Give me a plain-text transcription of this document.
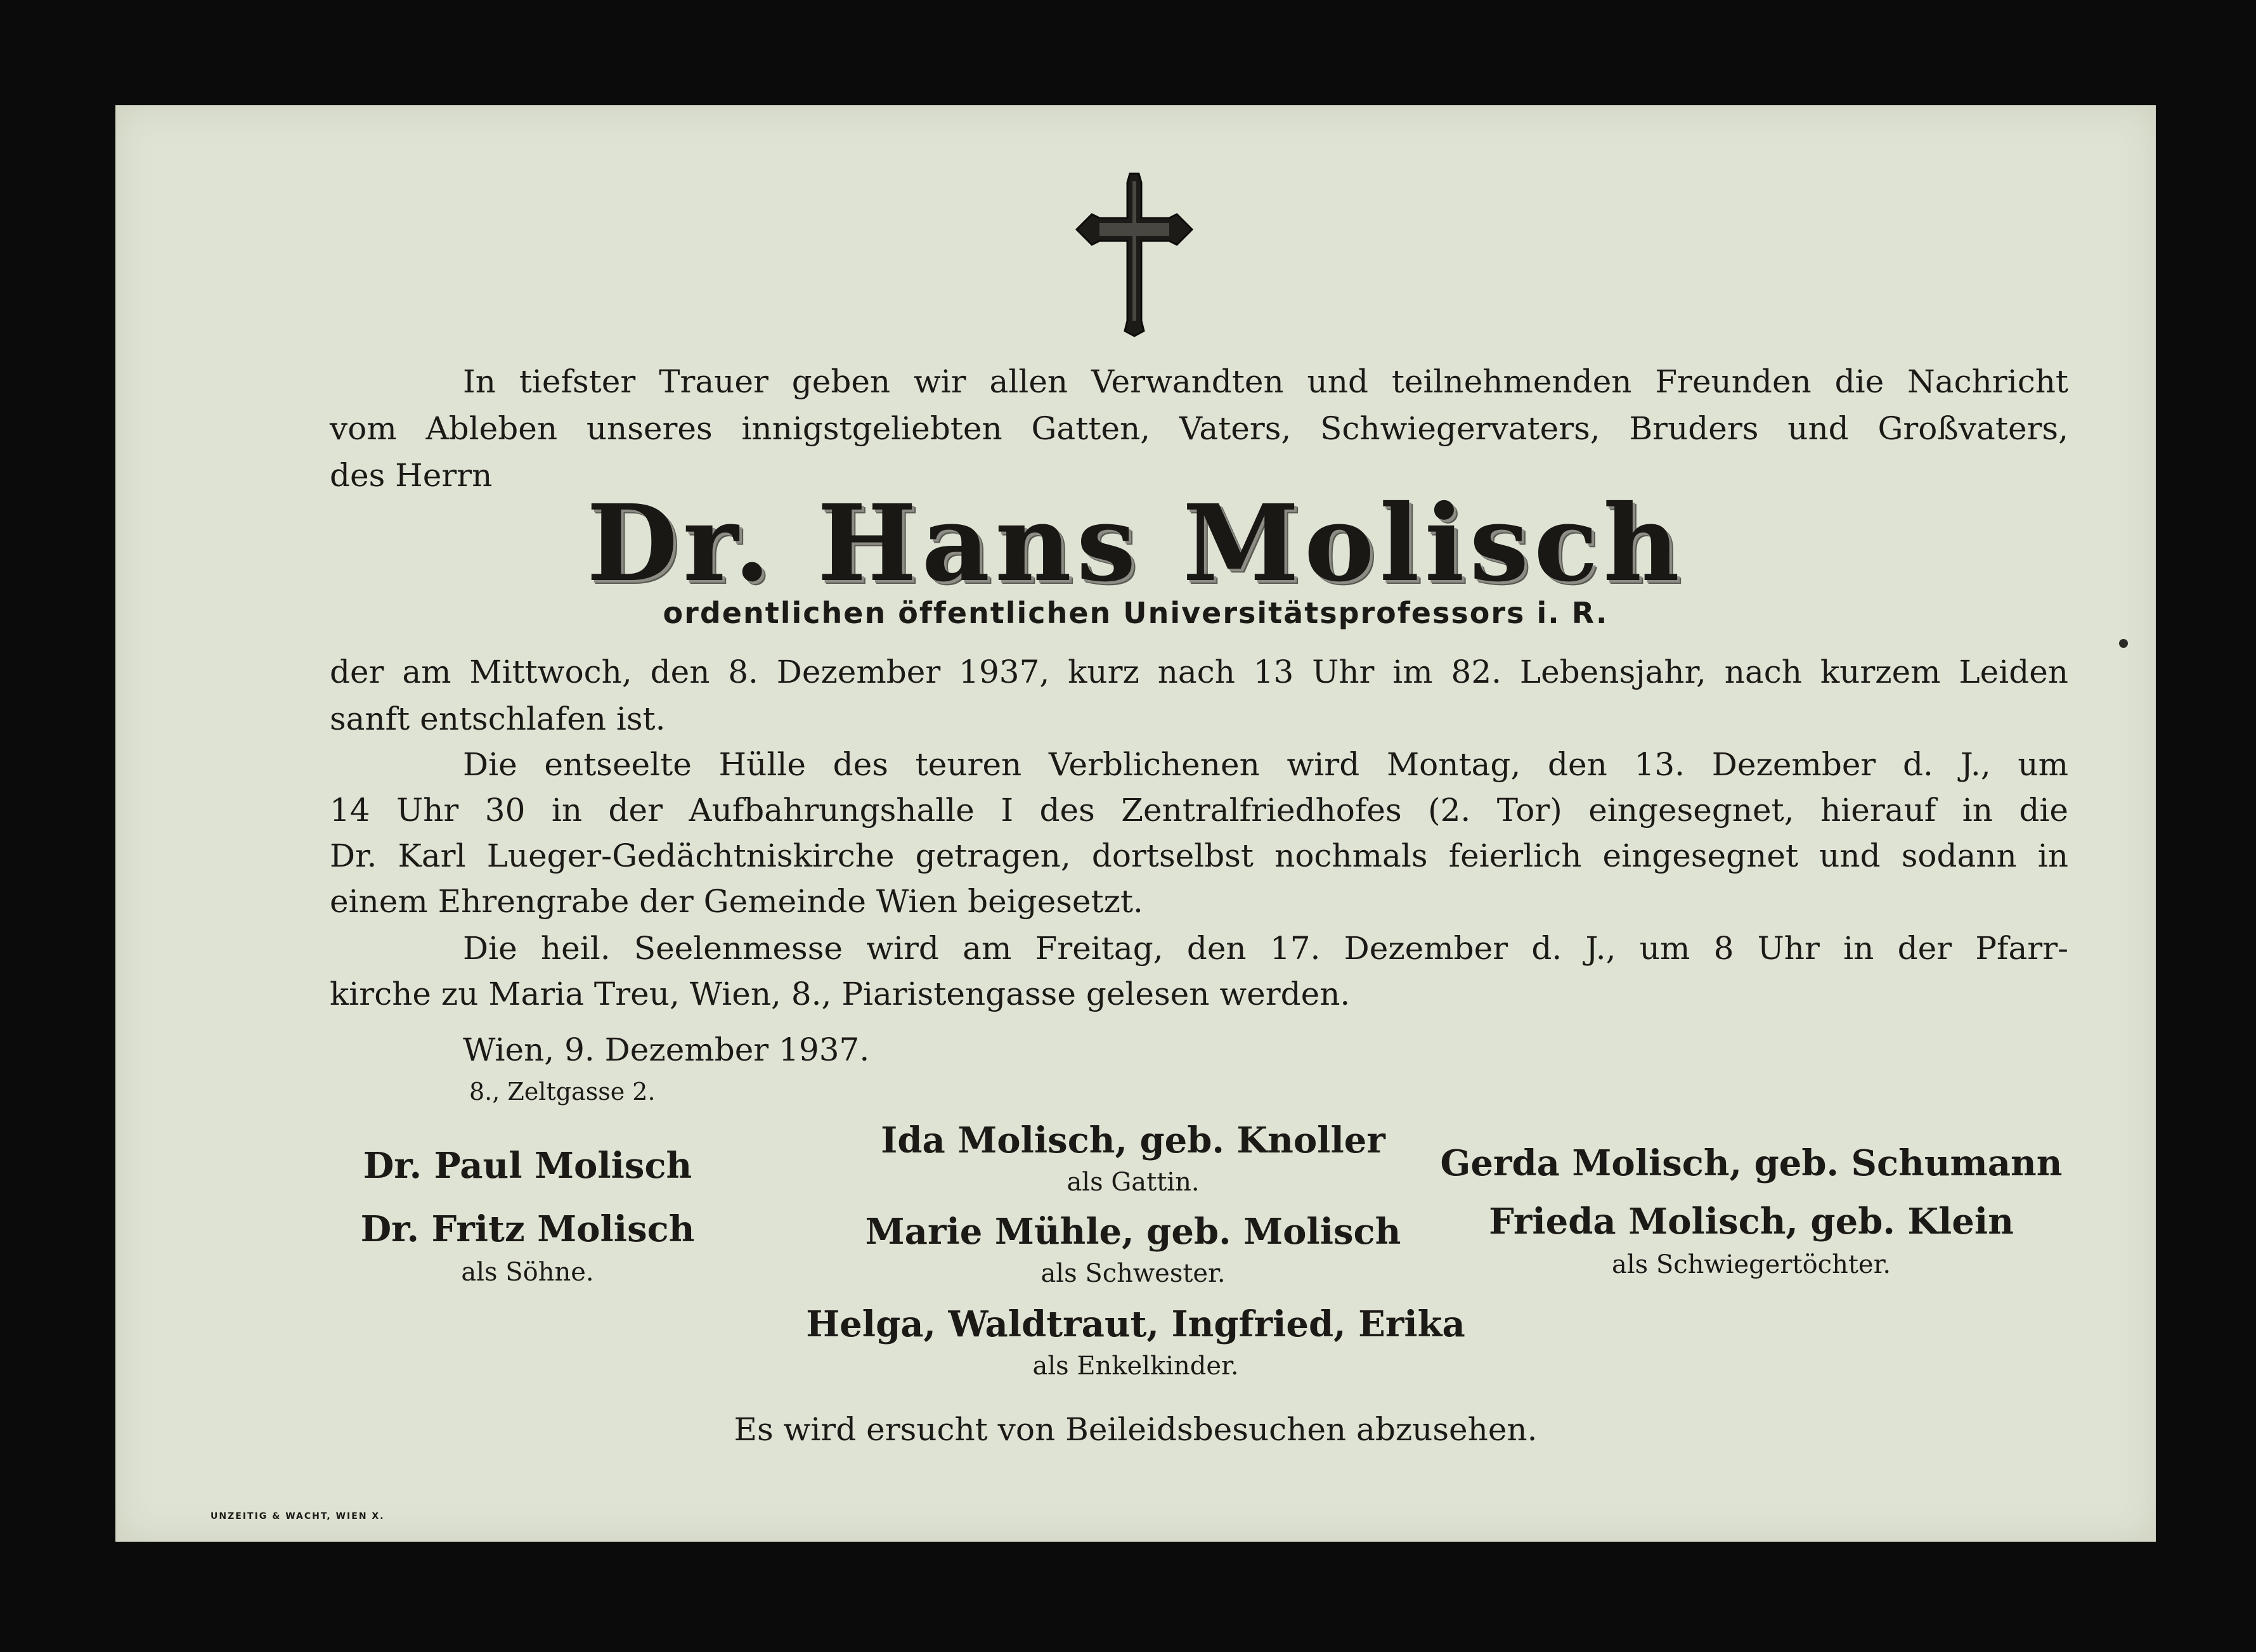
In tiefster Trauer geben wir allen Verwandten und teilnehmenden Freunden die Nachricht
vom Ableben unseres innigstgeliebten Gatten, Vaters, Schwiegervaters, Bruders und Großvaters,
des Herrn
Dr. Hans Molisch
ordentlichen öffentlichen Universitätsprofessors i. R.
der am Mittwoch, den 8. Dezember 1937, kurz nach 13 Uhr im 82. Lebensjahr, nach kurzem Leiden
sanft entschlafen ist.
Die entseelte Hülle des teuren Verblichenen wird Montag, den 13. Dezember d. J., um
14 Uhr 30 in der Aufbahrungshalle I des Zentralfriedhofes (2. Tor) eingesegnet, hierauf in die
Dr. Karl Lueger-Gedächtniskirche getragen, dortselbst nochmals feierlich eingesegnet und sodann in
einem Ehrengrabe der Gemeinde Wien beigesetzt.
Die heil. Seelenmesse wird am Freitag, den 17. Dezember d. J., um 8 Uhr in der Pfarr-
kirche zu Maria Treu, Wien, 8., Piaristengasse gelesen werden.
Wien, 9. Dezember 1937.
8., Zeltgasse 2.
Dr. Paul Molisch
Dr. Fritz Molisch
als Söhne.
Ida Molisch, geb. Knoller
als Gattin.
Marie Mühle, geb. Molisch
als Schwester.
Gerda Molisch, geb. Schumann
Frieda Molisch, geb. Klein
als Schwiegertöchter.
Helga, Waldtraut, Ingfried, Erika
als Enkelkinder.
Es wird ersucht von Beileidsbesuchen abzusehen.
UNZEITIG & WACHT, WIEN X.
